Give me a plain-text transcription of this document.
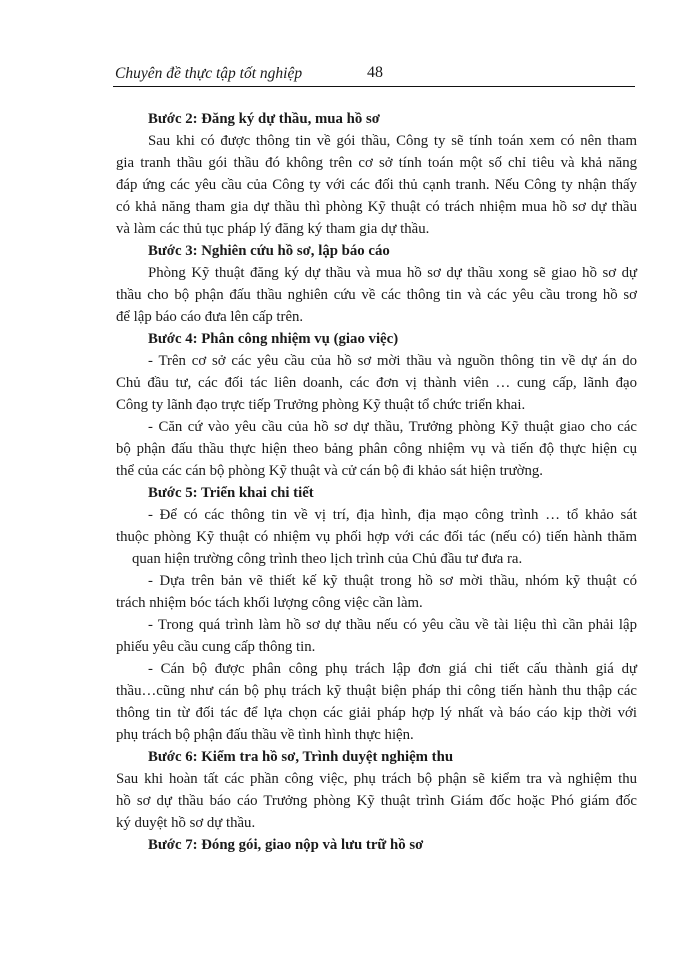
Chuyên đề thực tập tốt nghiệp	48
Bước 2: Đăng ký dự thầu, mua hồ sơ
Sau khi có được thông tin về gói thầu, Công ty sẽ tính toán xem có nên tham
gia tranh thầu gói thầu đó không trên cơ sở tính toán một số chỉ tiêu và khả năng
đáp ứng các yêu cầu của Công ty với các đối thủ cạnh tranh. Nếu Công ty nhận thấy
có khả năng tham gia dự thầu thì phòng Kỹ thuật có trách nhiệm mua hồ sơ dự thầu
và làm các thủ tục pháp lý đăng ký tham gia dự thầu.
Bước 3: Nghiên cứu hồ sơ, lập báo cáo
Phòng Kỹ thuật đăng ký dự thầu và mua hồ sơ dự thầu xong sẽ giao hồ sơ dự
thầu cho bộ phận đấu thầu nghiên cứu về các thông tin và các yêu cầu trong hồ sơ
để lập báo cáo đưa lên cấp trên.
Bước 4: Phân công nhiệm vụ (giao việc)
- Trên cơ sở các yêu cầu của hồ sơ mời thầu và nguồn thông tin về dự án do
Chủ đầu tư, các đối tác liên doanh, các đơn vị thành viên … cung cấp, lãnh đạo
Công ty lãnh đạo trực tiếp Trưởng phòng Kỹ thuật tổ chức triển khai.
- Căn cứ vào yêu cầu của hồ sơ dự thầu, Trưởng phòng Kỹ thuật giao cho các
bộ phận đấu thầu thực hiện theo bảng phân công nhiệm vụ và tiến độ thực hiện cụ
thể của các cán bộ phòng Kỹ thuật và cử cán bộ đi khảo sát hiện trường.
Bước 5: Triển khai chi tiết
- Để có các thông tin về vị trí, địa hình, địa mạo công trình … tổ khảo sát
thuộc phòng Kỹ thuật có nhiệm vụ phối hợp với các đối tác (nếu có) tiến hành thăm
quan hiện trường công trình theo lịch trình của Chủ đầu tư đưa ra.
- Dựa trên bản vẽ thiết kế kỹ thuật trong hồ sơ mời thầu, nhóm kỹ thuật có
trách nhiệm bóc tách khối lượng công việc cần làm.
- Trong quá trình làm hồ sơ dự thầu nếu có yêu cầu về tài liệu thì cần phải lập
phiếu yêu cầu cung cấp thông tin.
- Cán bộ được phân công phụ trách lập đơn giá chi tiết cấu thành giá dự
thầu…cũng như cán bộ phụ trách kỹ thuật biện pháp thi công tiến hành thu thập các
thông tin từ đối tác để lựa chọn các giải pháp hợp lý nhất và báo cáo kịp thời với
phụ trách bộ phận đấu thầu về tình hình thực hiện.
Bước 6: Kiểm tra hồ sơ, Trình duyệt nghiệm thu
Sau khi hoàn tất các phần công việc, phụ trách bộ phận sẽ kiểm tra và nghiệm thu
hồ sơ dự thầu báo cáo Trưởng phòng Kỹ thuật trình Giám đốc hoặc Phó giám đốc
ký duyệt hồ sơ dự thầu.
Bước 7: Đóng gói, giao nộp và lưu trữ hồ sơ
